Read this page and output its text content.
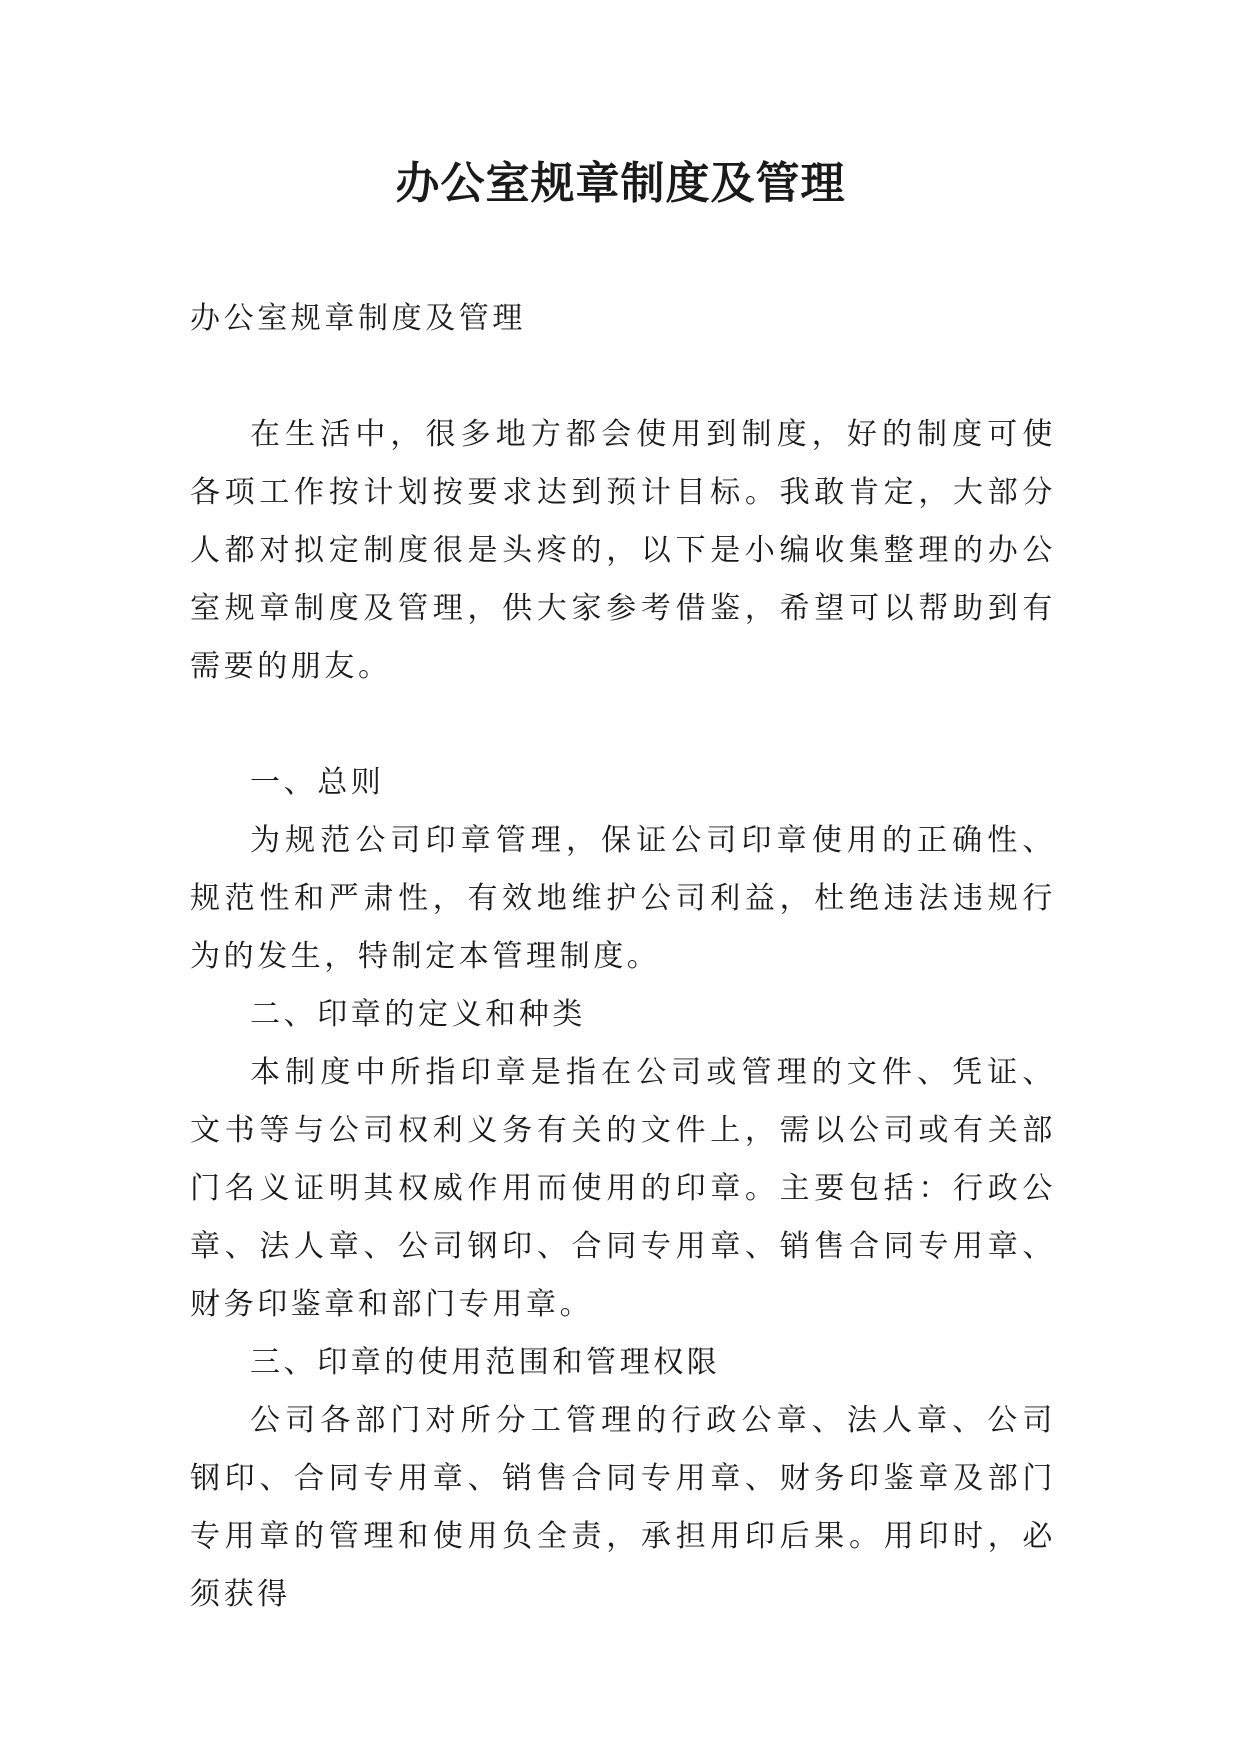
办公室规章制度及管理

办公室规章制度及管理

在生活中，很多地方都会使用到制度，好的制度可使各项工作按计划按要求达到预计目标。我敢肯定，大部分人都对拟定制度很是头疼的，以下是小编收集整理的办公室规章制度及管理，供大家参考借鉴，希望可以帮助到有需要的朋友。

一、总则

为规范公司印章管理，保证公司印章使用的正确性、规范性和严肃性，有效地维护公司利益，杜绝违法违规行为的发生，特制定本管理制度。

二、印章的定义和种类

本制度中所指印章是指在公司或管理的文件、凭证、文书等与公司权利义务有关的文件上，需以公司或有关部门名义证明其权威作用而使用的印章。主要包括：行政公章、法人章、公司钢印、合同专用章、销售合同专用章、财务印鉴章和部门专用章。

三、印章的使用范围和管理权限

公司各部门对所分工管理的行政公章、法人章、公司钢印、合同专用章、销售合同专用章、财务印鉴章及部门专用章的管理和使用负全责，承担用印后果。用印时，必须获得
